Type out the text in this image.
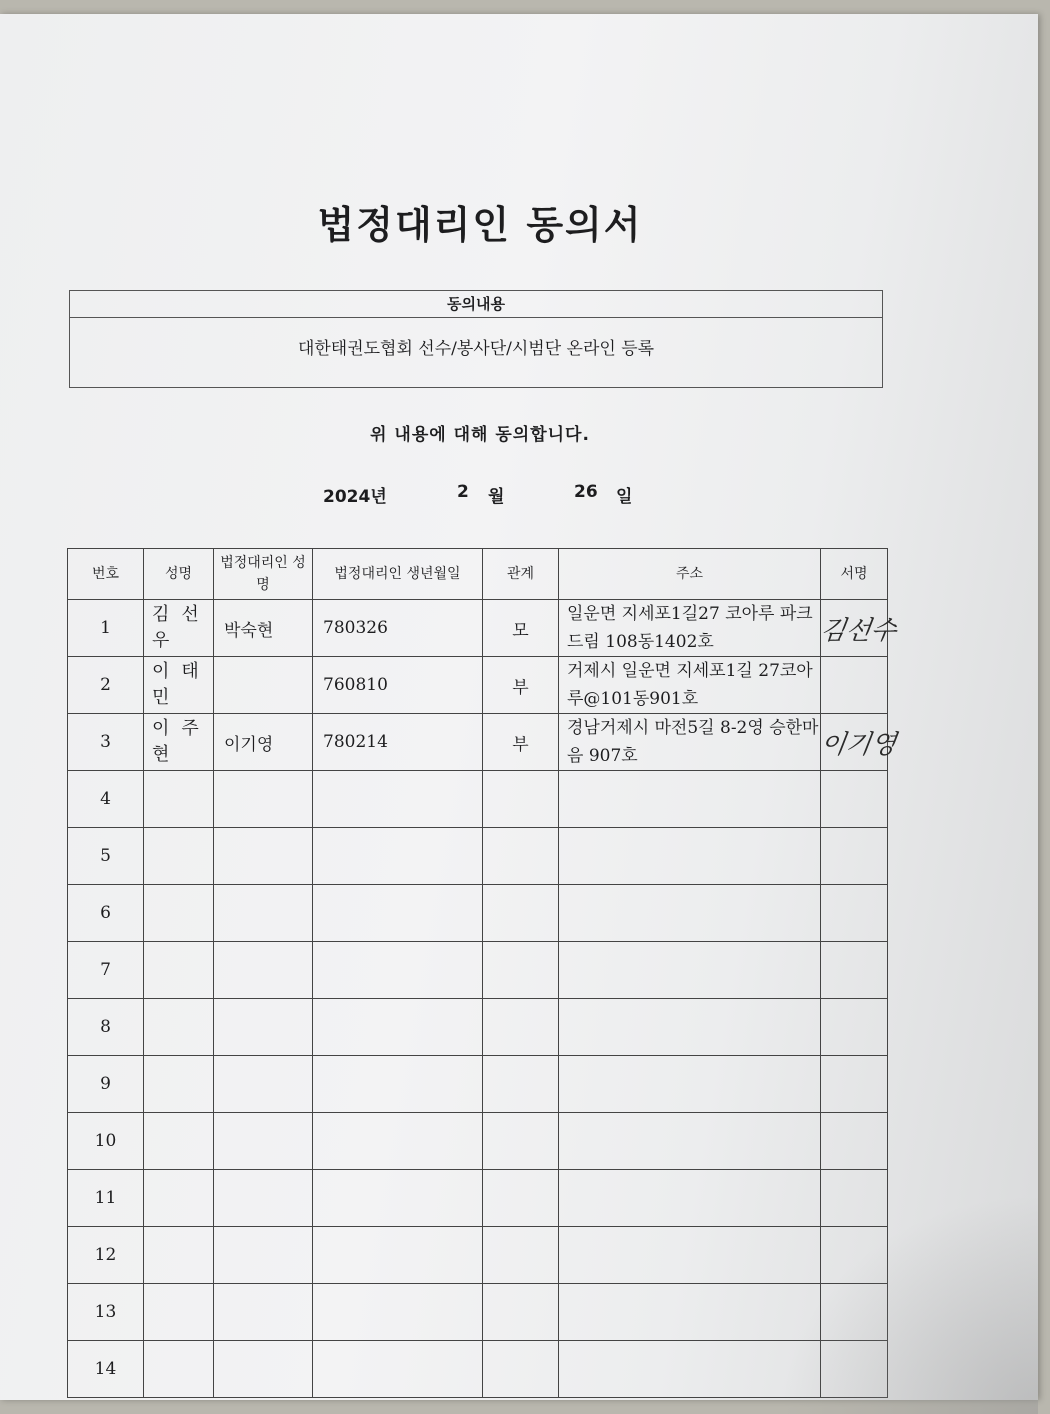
법정대리인 동의서
동의내용
대한태권도협회 선수/봉사단/시범단 온라인 등록
위 내용에 대해 동의합니다.
2024년	2 월	26 일
번호	성명	법정대리인 성명	법정대리인 생년월일	관계	주소	서명
1	김선우	박숙현	780326	모	일운면 지세포1길27 코아루 파크드림 108동1402호	김선수
2	이태민		760810	부	거제시 일운면 지세포1길 27코아루@101동901호	
3	이주현	이기영	780214	부	경남거제시 마전5길 8-2영 승한마음 907호	이기영
4						
5						
6						
7						
8						
9						
10						
11						
12						
13						
14						
